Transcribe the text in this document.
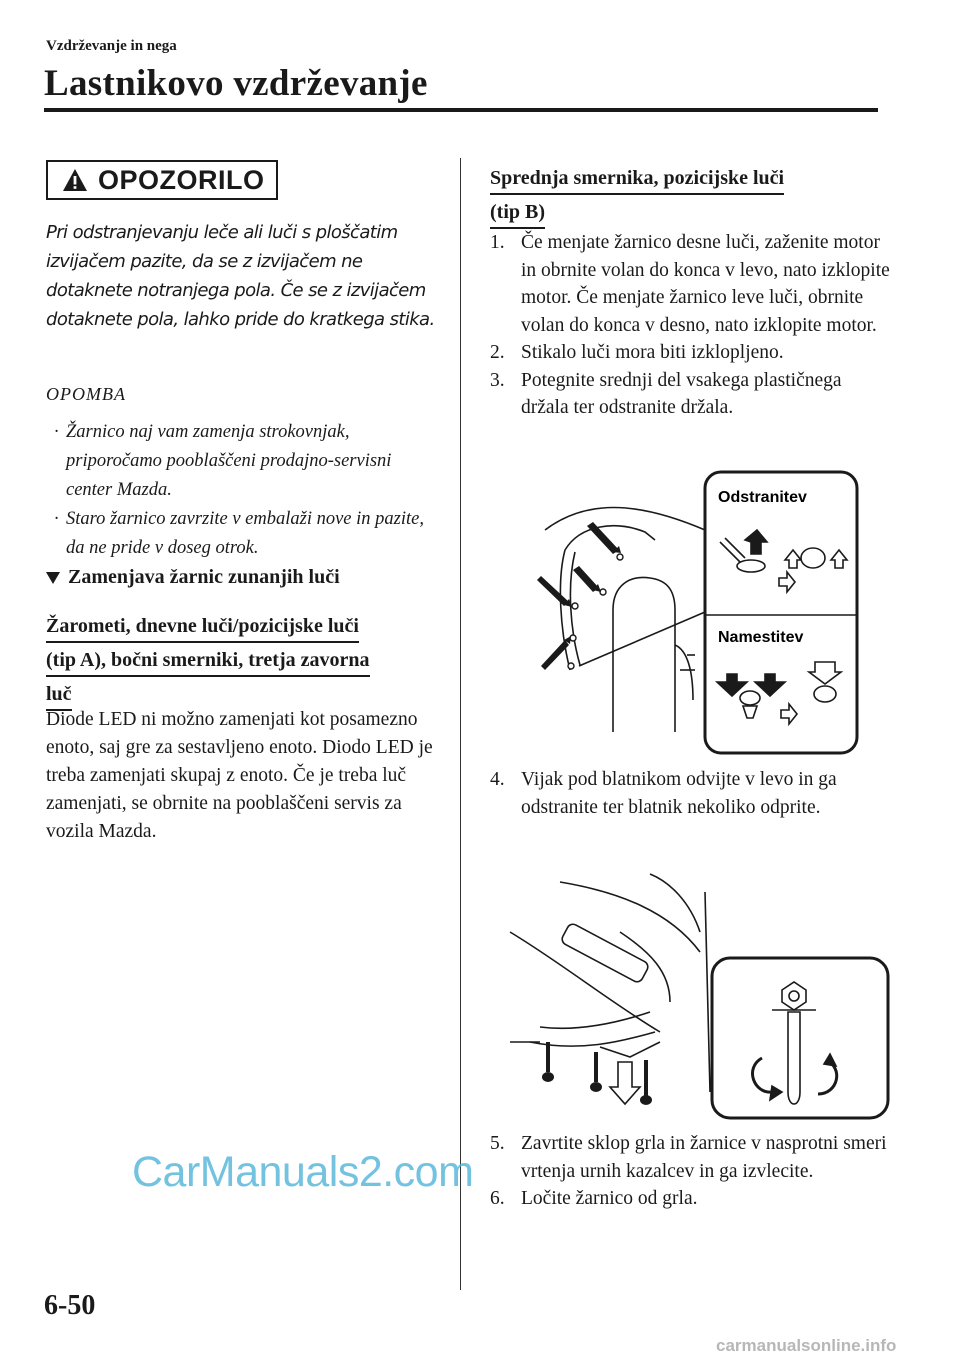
Vzdrževanje in nega
Lastnikovo vzdrževanje
OPOZORILO
Pri odstranjevanju leče ali luči s ploščatim izvijačem pazite, da se z izvijačem ne dotaknete notranjega pola. Če se z izvijačem dotaknete pola, lahko pride do kratkega stika.
OPOMBA
· Žarnico naj vam zamenja strokovnjak, priporočamo pooblaščeni prodajno-servisni center Mazda.
· Staro žarnico zavrzite v embalaži nove in pazite, da ne pride v doseg otrok.
Zamenjava žarnic zunanjih luči
Žarometi, dnevne luči/pozicijske luči
(tip A), bočni smerniki, tretja zavorna
luč
Diode LED ni možno zamenjati kot posamezno enoto, saj gre za sestavljeno enoto. Diodo LED je treba zamenjati skupaj z enoto. Če je treba luč zamenjati, se obrnite na pooblaščeni servis za vozila Mazda.
Sprednja smernika, pozicijske luči
(tip B)
1. Če menjate žarnico desne luči, zaženite motor in obrnite volan do konca v levo, nato izklopite motor. Če menjate žarnico leve luči, obrnite volan do konca v desno, nato izklopite motor.
2. Stikalo luči mora biti izklopljeno.
3. Potegnite srednji del vsakega plastičnega držala ter odstranite držala.
Odstranitev
Namestitev
4. Vijak pod blatnikom odvijte v levo in ga odstranite ter blatnik nekoliko odprite.
5. Zavrtite sklop grla in žarnice v nasprotni smeri vrtenja urnih kazalcev in ga izvlecite.
6. Ločite žarnico od grla.
6-50
CarManuals2.com
carmanualsonline.info
